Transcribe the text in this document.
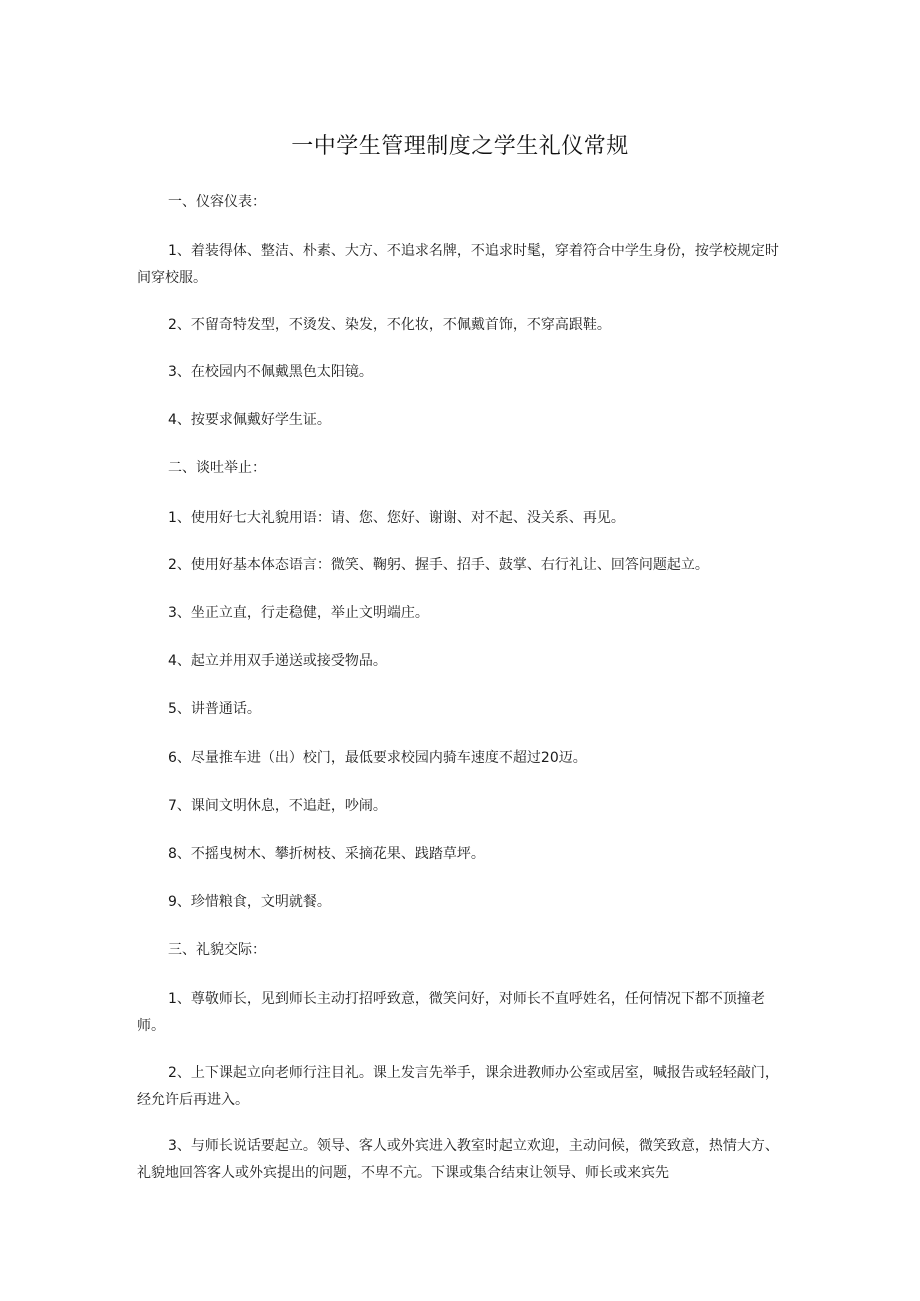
一中学生管理制度之学生礼仪常规
一、仪容仪表：
1、着装得体、整洁、朴素、大方、不追求名牌，不追求时髦，穿着符合中学生身份，按学校规定时间穿校服。
2、不留奇特发型，不烫发、染发，不化妆，不佩戴首饰，不穿高跟鞋。
3、在校园内不佩戴黑色太阳镜。
4、按要求佩戴好学生证。
二、谈吐举止：
1、使用好七大礼貌用语：请、您、您好、谢谢、对不起、没关系、再见。
2、使用好基本体态语言：微笑、鞠躬、握手、招手、鼓掌、右行礼让、回答问题起立。
3、坐正立直，行走稳健，举止文明端庄。
4、起立并用双手递送或接受物品。
5、讲普通话。
6、尽量推车进（出）校门，最低要求校园内骑车速度不超过20迈。
7、课间文明休息，不追赶，吵闹。
8、不摇曳树木、攀折树枝、采摘花果、践踏草坪。
9、珍惜粮食，文明就餐。
三、礼貌交际：
1、尊敬师长，见到师长主动打招呼致意，微笑问好，对师长不直呼姓名，任何情况下都不顶撞老师。
2、上下课起立向老师行注目礼。课上发言先举手，课余进教师办公室或居室，喊报告或轻轻敲门，经允许后再进入。
3、与师长说话要起立。领导、客人或外宾进入教室时起立欢迎，主动问候，微笑致意，热情大方、礼貌地回答客人或外宾提出的问题，不卑不亢。下课或集合结束让领导、师长或来宾先
